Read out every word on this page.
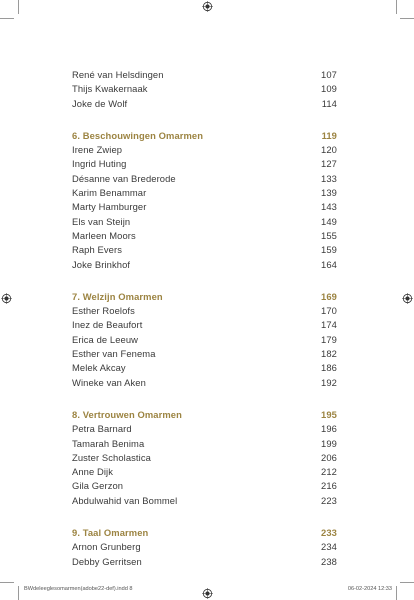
René van Helsdingen	107
Thijs Kwakernaak	109
Joke de Wolf	114
6. Beschouwingen Omarmen	119
Irene Zwiep	120
Ingrid Huting	127
Désanne van Brederode	133
Karim Benammar	139
Marty Hamburger	143
Els van Steijn	149
Marleen Moors	155
Raph Evers	159
Joke Brinkhof	164
7. Welzijn Omarmen	169
Esther Roelofs	170
Inez de Beaufort	174
Erica de Leeuw	179
Esther van Fenema	182
Melek Akcay	186
Wineke van Aken	192
8. Vertrouwen Omarmen	195
Petra Barnard	196
Tamarah Benima	199
Zuster Scholastica	206
Anne Dijk	212
Gila Gerzon	216
Abdulwahid van Bommel	223
9. Taal Omarmen	233
Arnon Grunberg	234
Debby Gerritsen	238
BWdeleeglesomarmen(adobe22-def).indd 8	06-02-2024 12:33
